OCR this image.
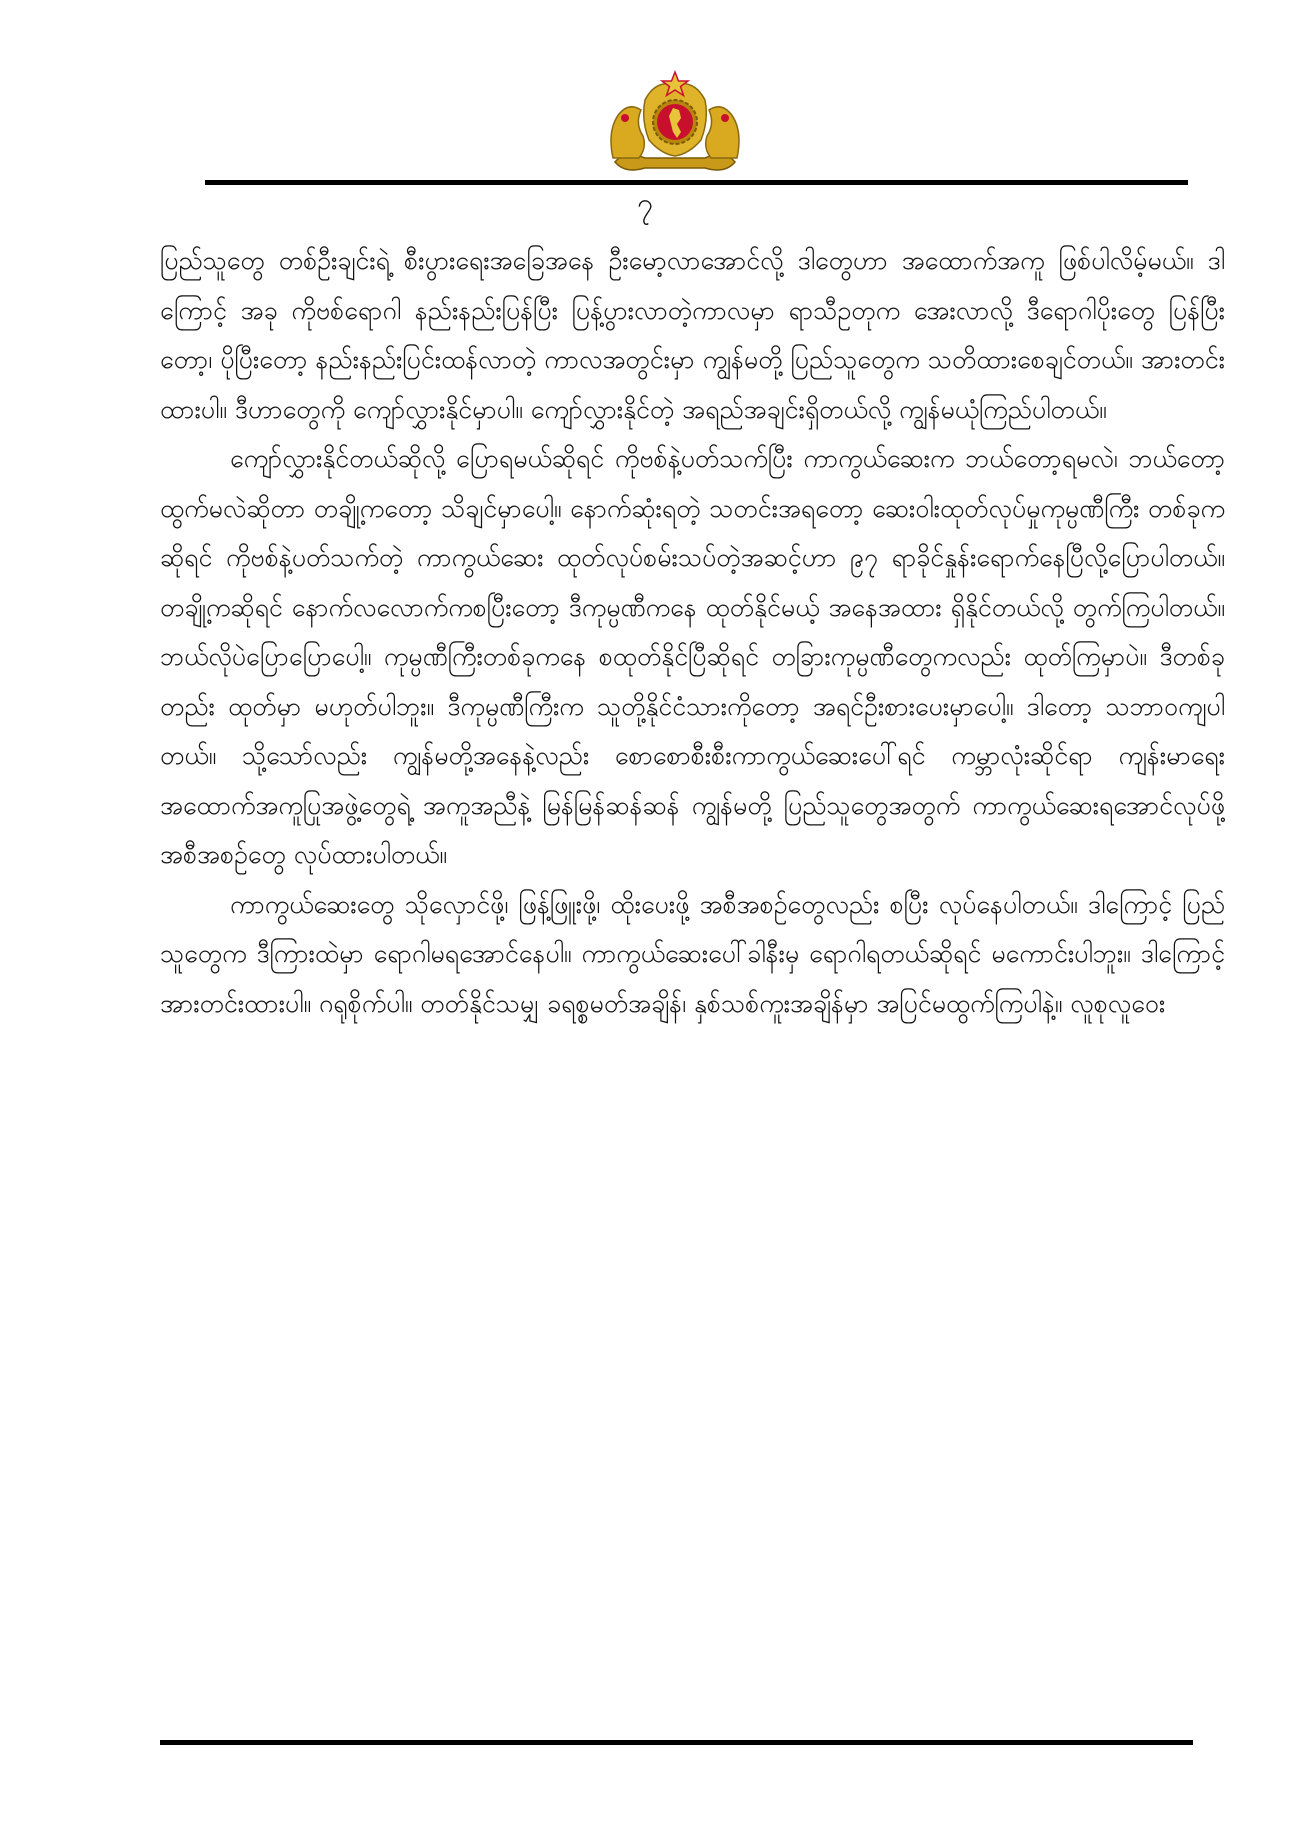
၇

ပြည်သူတွေ တစ်ဦးချင်းရဲ့ စီးပွားရေးအခြေအနေ ဦးမော့လာအောင်လို့ ဒါတွေဟာ အထောက်အကူ ဖြစ်ပါလိမ့်မယ်။ ဒါကြောင့် အခု ကိုဗစ်ရောဂါ နည်းနည်းပြန်ပြီး ပြန့်ပွားလာတဲ့ကာလမှာ ရာသီဥတုက အေးလာလို့ ဒီရောဂါပိုးတွေ ပြန်ပြီးတော့၊ ပိုပြီးတော့ နည်းနည်းပြင်းထန်လာတဲ့ ကာလအတွင်းမှာ ကျွန်မတို့ ပြည်သူတွေက သတိထားစေချင်တယ်။ အားတင်းထားပါ။ ဒီဟာတွေကို ကျော်လွှားနိုင်မှာပါ။ ကျော်လွှားနိုင်တဲ့ အရည်အချင်းရှိတယ်လို့ ကျွန်မယုံကြည်ပါတယ်။

ကျော်လွှားနိုင်တယ်ဆိုလို့ ပြောရမယ်ဆိုရင် ကိုဗစ်နဲ့ပတ်သက်ပြီး ကာကွယ်ဆေးက ဘယ်တော့ရမလဲ၊ ဘယ်တော့ ထွက်မလဲဆိုတာ တချို့ကတော့ သိချင်မှာပေါ့။ နောက်ဆုံးရတဲ့ သတင်းအရတော့ ဆေးဝါးထုတ်လုပ်မှုကုမ္ပဏီကြီး တစ်ခုကဆိုရင် ကိုဗစ်နဲ့ပတ်သက်တဲ့ ကာကွယ်ဆေး ထုတ်လုပ်စမ်းသပ်တဲ့အဆင့်ဟာ ၉၇ ရာခိုင်နှုန်းရောက်နေပြီလို့ပြောပါတယ်။ တချို့ကဆိုရင် နောက်လလောက်ကစပြီးတော့ ဒီကုမ္ပဏီကနေ ထုတ်နိုင်မယ့် အနေအထား ရှိနိုင်တယ်လို့ တွက်ကြပါတယ်။ ဘယ်လိုပဲပြောပြောပေါ့။ ကုမ္ပဏီကြီးတစ်ခုကနေ စထုတ်နိုင်ပြီဆိုရင် တခြားကုမ္ပဏီတွေကလည်း ထုတ်ကြမှာပဲ။ ဒီတစ်ခုတည်း ထုတ်မှာ မဟုတ်ပါဘူး။ ဒီကုမ္ပဏီကြီးက သူတို့နိုင်ငံသားကိုတော့ အရင်ဦးစားပေးမှာပေါ့။ ဒါတော့ သဘာဝကျပါတယ်။ သို့သော်လည်း ကျွန်မတို့အနေနဲ့လည်း စောစောစီးစီးကာကွယ်ဆေးပေါ်ရင် ကမ္ဘာလုံးဆိုင်ရာ ကျန်းမာရေးအထောက်အကူပြုအဖွဲ့တွေရဲ့ အကူအညီနဲ့ မြန်မြန်ဆန်ဆန် ကျွန်မတို့ ပြည်သူတွေအတွက် ကာကွယ်ဆေးရအောင်လုပ်ဖို့ အစီအစဉ်တွေ လုပ်ထားပါတယ်။

ကာကွယ်ဆေးတွေ သိုလှောင်ဖို့၊ ဖြန့်ဖြူးဖို့၊ ထိုးပေးဖို့ အစီအစဉ်တွေလည်း စပြီး လုပ်နေပါတယ်။ ဒါကြောင့် ပြည်သူတွေက ဒီကြားထဲမှာ ရောဂါမရအောင်နေပါ။ ကာကွယ်ဆေးပေါ်ခါနီးမှ ရောဂါရတယ်ဆိုရင် မကောင်းပါဘူး။ ဒါကြောင့် အားတင်းထားပါ။ ဂရုစိုက်ပါ။ တတ်နိုင်သမျှ ခရစ္စမတ်အချိန်၊ နှစ်သစ်ကူးအချိန်မှာ အပြင်မထွက်ကြပါနဲ့။ လူစုလူဝေး
